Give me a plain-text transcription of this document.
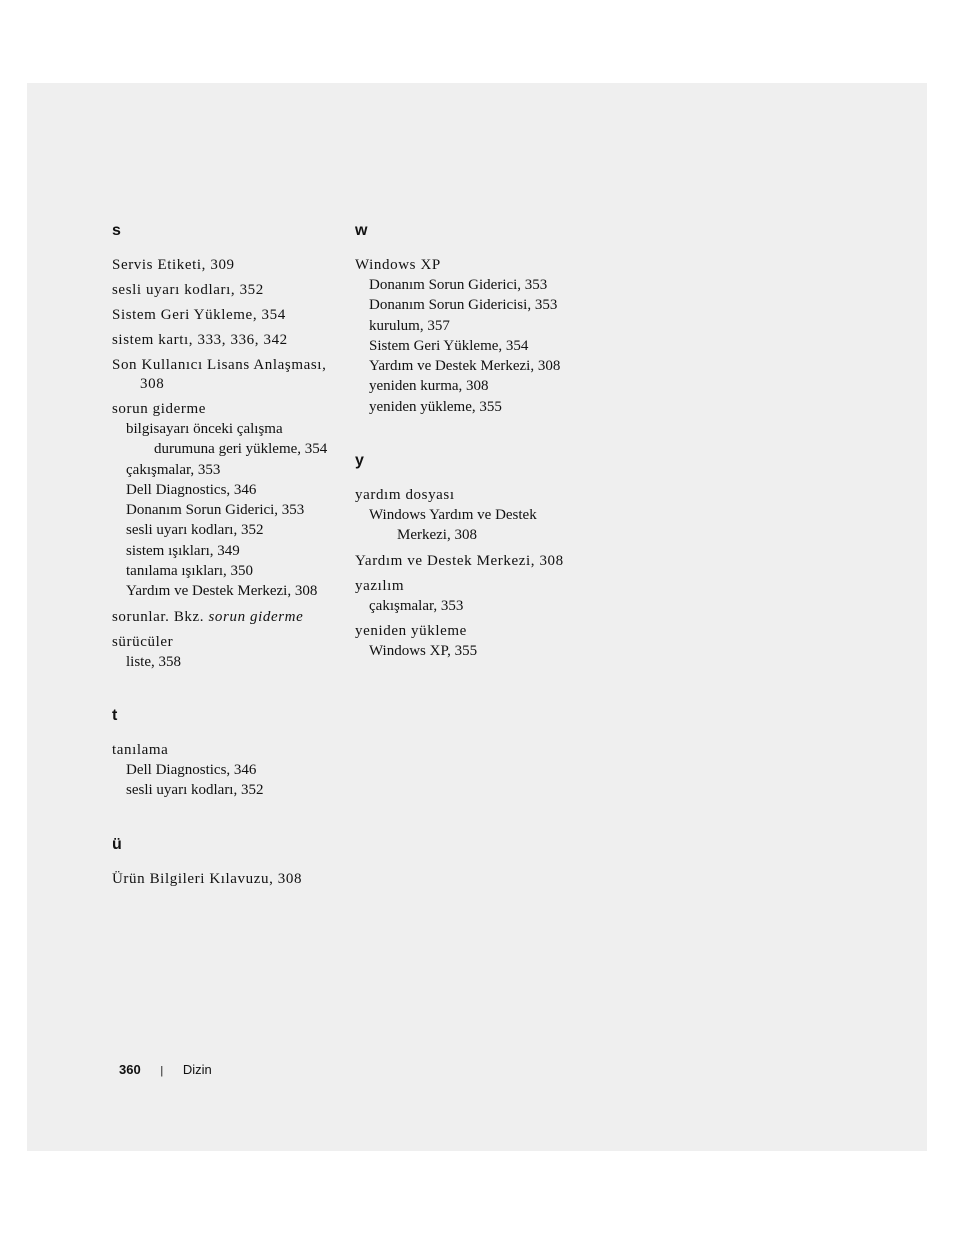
s
Servis Etiketi, 309
sesli uyarı kodları, 352
Sistem Geri Yükleme, 354
sistem kartı, 333, 336, 342
Son Kullanıcı Lisans Anlaşması, 308
sorun giderme
bilgisayarı önceki çalışma durumuna geri yükleme, 354
çakışmalar, 353
Dell Diagnostics, 346
Donanım Sorun Giderici, 353
sesli uyarı kodları, 352
sistem ışıkları, 349
tanılama ışıkları, 350
Yardım ve Destek Merkezi, 308
sorunlar. Bkz. sorun giderme
sürücüler
liste, 358
t
tanılama
Dell Diagnostics, 346
sesli uyarı kodları, 352
ü
Ürün Bilgileri Kılavuzu, 308
w
Windows XP
Donanım Sorun Giderici, 353
Donanım Sorun Gidericisi, 353
kurulum, 357
Sistem Geri Yükleme, 354
Yardım ve Destek Merkezi, 308
yeniden kurma, 308
yeniden yükleme, 355
y
yardım dosyası
Windows Yardım ve Destek Merkezi, 308
Yardım ve Destek Merkezi, 308
yazılım
çakışmalar, 353
yeniden yükleme
Windows XP, 355
360 | Dizin
